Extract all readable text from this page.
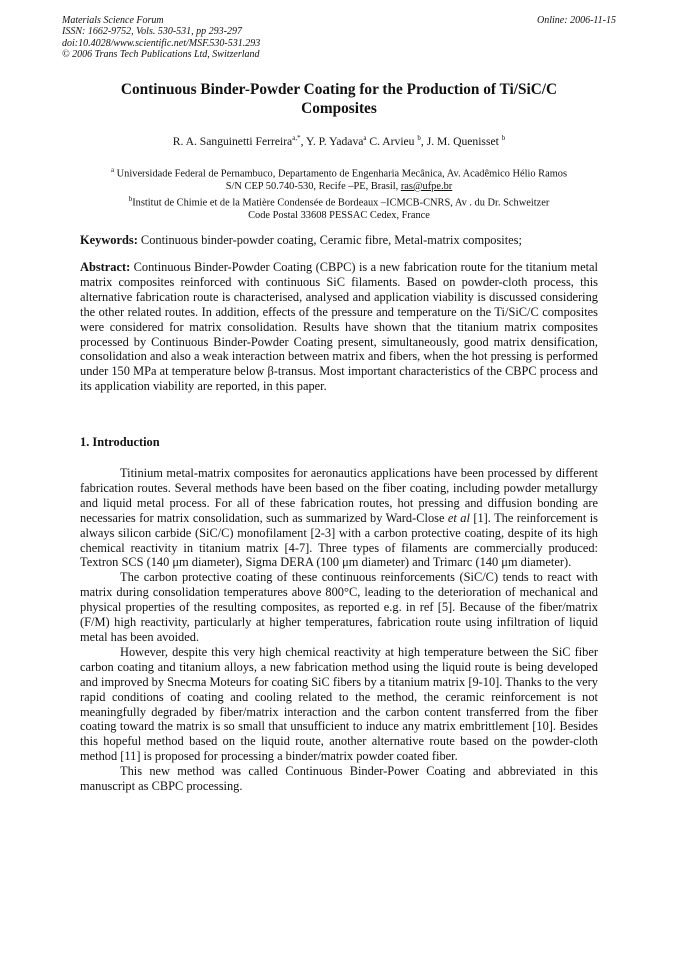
Materials Science Forum
ISSN: 1662-9752, Vols. 530-531, pp 293-297
doi:10.4028/www.scientific.net/MSF.530-531.293
© 2006 Trans Tech Publications Ltd, Switzerland
Online: 2006-11-15
Continuous Binder-Powder Coating for the Production of Ti/SiC/C Composites
R. A. Sanguinetti Ferreira$^{a,*}$, Y. P. Yadava$^a$ C. Arvieu $^b$, J. M. Quenisset $^b$
$^a$ Universidade Federal de Pernambuco, Departamento de Engenharia Mecânica, Av. Acadêmico Hélio Ramos
S/N CEP 50.740-530, Recife –PE, Brasil, ras@ufpe.br
$^b$Institut de Chimie et de la Matière Condensée de Bordeaux –ICMCB-CNRS, Av . du Dr. Schweitzer
Code Postal 33608 PESSAC Cedex, France
Keywords: Continuous binder-powder coating, Ceramic fibre, Metal-matrix composites;
Abstract: Continuous Binder-Powder Coating (CBPC) is a new fabrication route for the titanium metal matrix composites reinforced with continuous SiC filaments. Based on powder-cloth process, this alternative fabrication route is characterised, analysed and application viability is discussed considering the other related routes. In addition, effects of the pressure and temperature on the Ti/SiC/C composites were considered for matrix consolidation. Results have shown that the titanium matrix composites processed by Continuous Binder-Powder Coating present, simultaneously, good matrix densification, consolidation and also a weak interaction between matrix and fibers, when the hot pressing is performed under 150 MPa at temperature below β-transus. Most important characteristics of the CBPC process and its application viability are reported, in this paper.
1. Introduction

Titinium metal-matrix composites for aeronautics applications have been processed by different fabrication routes. Several methods have been based on the fiber coating, including powder metallurgy and liquid metal process. For all of these fabrication routes, hot pressing and diffusion bonding are necessaries for matrix consolidation, such as summarized by Ward-Close et al [1]. The reinforcement is always silicon carbide (SiC/C) monofilament [2-3] with a carbon protective coating, despite of its high chemical reactivity in titanium matrix [4-7]. Three types of filaments are commercially produced: Textron SCS (140 μm diameter), Sigma DERA (100 μm diameter) and Trimarc (140 μm diameter).

The carbon protective coating of these continuous reinforcements (SiC/C) tends to react with matrix during consolidation temperatures above 800°C, leading to the deterioration of mechanical and physical properties of the resulting composites, as reported e.g. in ref [5]. Because of the fiber/matrix (F/M) high reactivity, particularly at higher temperatures, fabrication route using infiltration of liquid metal has been avoided.

However, despite this very high chemical reactivity at high temperature between the SiC fiber carbon coating and titanium alloys, a new fabrication method using the liquid route is being developed and improved by Snecma Moteurs for coating SiC fibers by a titanium matrix [9-10]. Thanks to the very rapid conditions of coating and cooling related to the method, the ceramic reinforcement is not meaningfully degraded by fiber/matrix interaction and the carbon content transferred from the fiber coating toward the matrix is so small that unsufficient to induce any matrix embrittlement [10]. Besides this hopeful method based on the liquid route, another alternative route based on the powder-cloth method [11] is proposed for processing a binder/matrix powder coated fiber.

This new method was called Continuous Binder-Power Coating and abbreviated in this manuscript as CBPC processing.
